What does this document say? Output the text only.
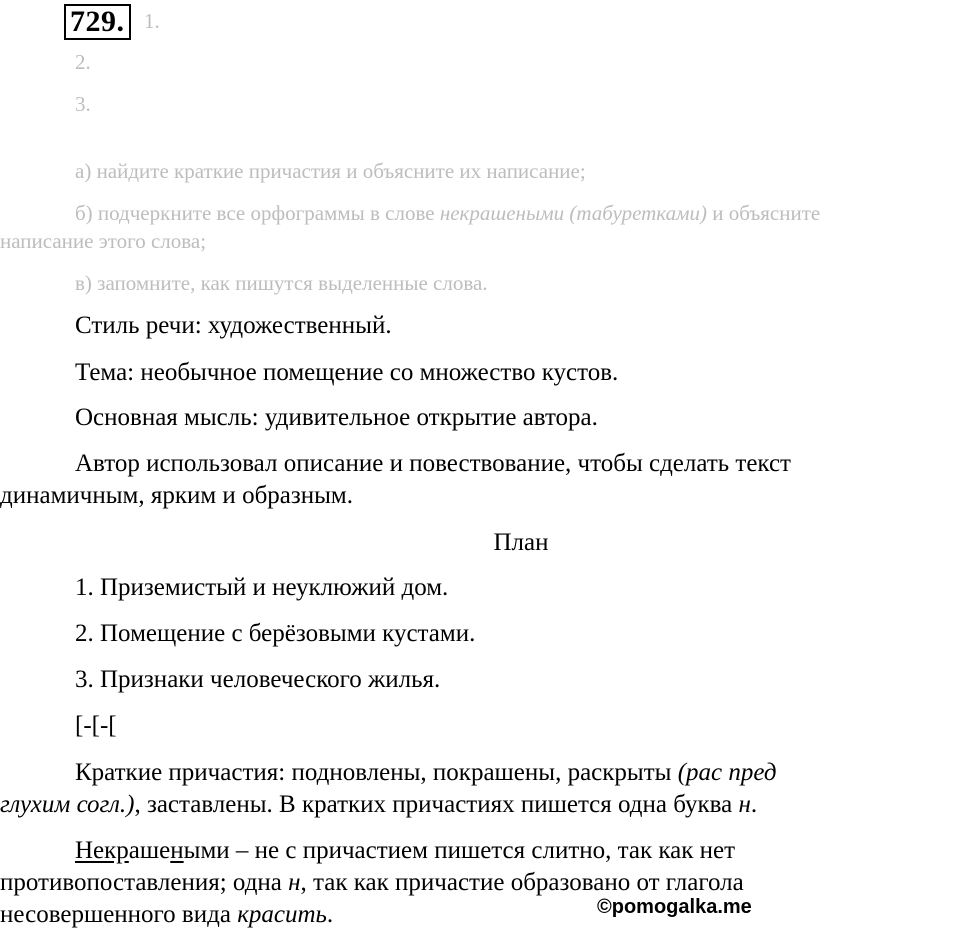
729. 1.
2.
3.
а) найдите краткие причастия и объясните их написание;
б) подчеркните все орфограммы в слове некрашеными (табуретками) и объясните
написание этого слова;
в) запомните, как пишутся выделенные слова.
Стиль речи: художественный.
Тема: необычное помещение со множество кустов.
Основная мысль: удивительное открытие автора.
Автор использовал описание и повествование, чтобы сделать текст
динамичным, ярким и образным.
План
1. Приземистый и неуклюжий дом.
2. Помещение с берёзовыми кустами.
3. Признаки человеческого жилья.
[-[-[
Краткие причастия: подновлены, покрашены, раскрыты (рас пред
глухим согл.), заставлены. В кратких причастиях пишется одна буква н.
Некрашеными – не с причастием пишется слитно, так как нет
противопоставления; одна н, так как причастие образовано от глагола
несовершенного вида красить.	©pomogalka.me
